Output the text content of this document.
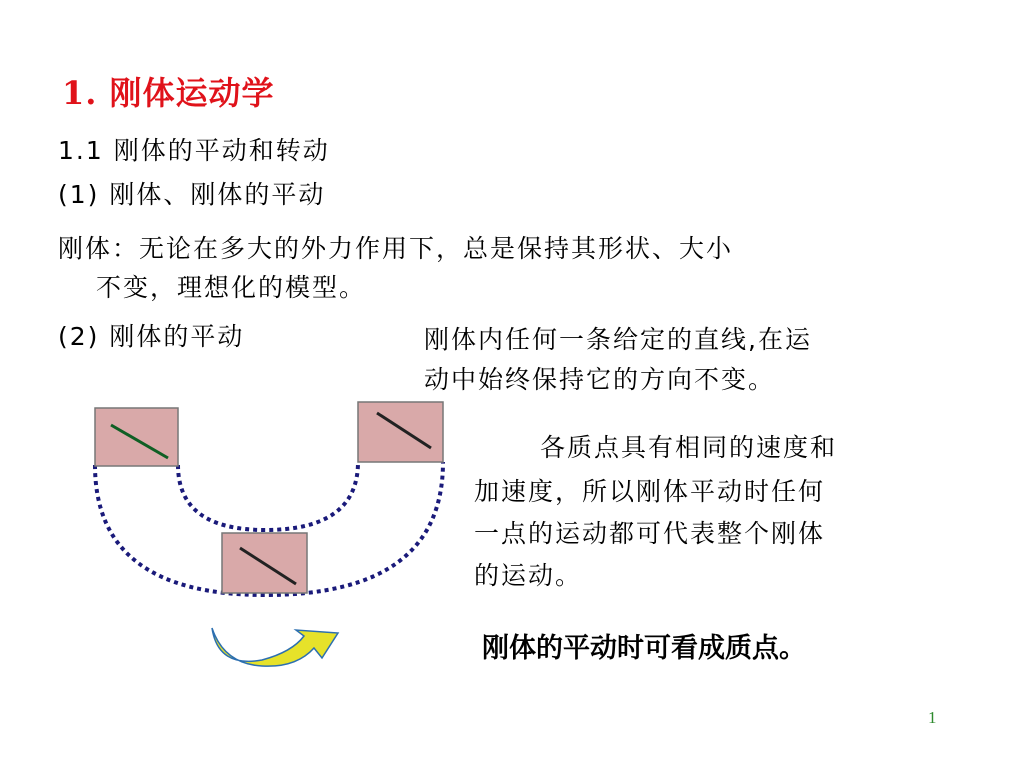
1. 刚体运动学
1.1 刚体的平动和转动
(1) 刚体、刚体的平动
刚体：无论在多大的外力作用下，总是保持其形状、大小
不变，理想化的模型。
(2) 刚体的平动	刚体内任何一条给定的直线,在运
动中始终保持它的方向不变。
各质点具有相同的速度和
加速度，所以刚体平动时任何
一点的运动都可代表整个刚体
的运动。
刚体的平动时可看成质点。
1
